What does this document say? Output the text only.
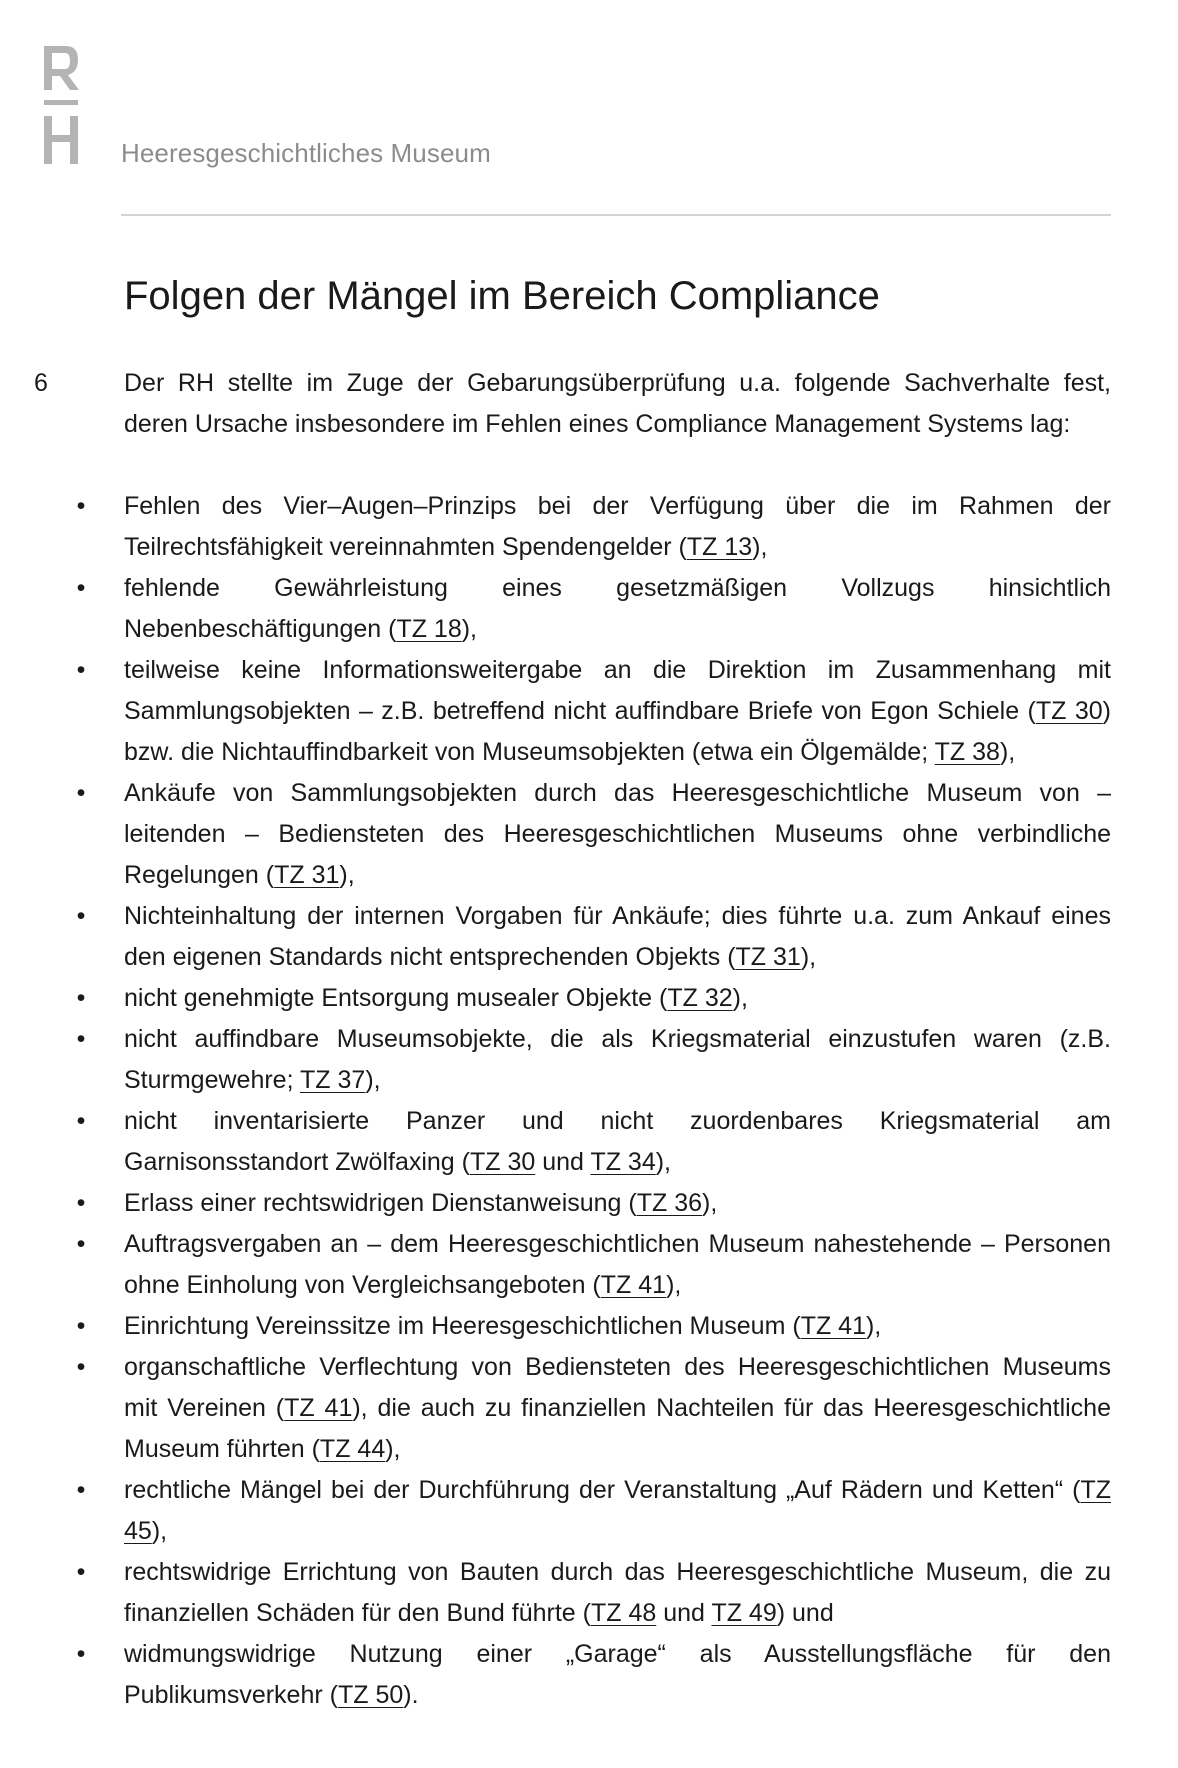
Heeresgeschichtliches Museum
Folgen der Mängel im Bereich Compliance
6	Der RH stellte im Zuge der Gebarungsüberprüfung u.a. folgende Sachverhalte fest, deren Ursache insbesondere im Fehlen eines Compliance Management Systems lag:

• Fehlen des Vier–Augen–Prinzips bei der Verfügung über die im Rahmen der Teilrechtsfähigkeit vereinnahmten Spendengelder (TZ 13),
• fehlende Gewährleistung eines gesetzmäßigen Vollzugs hinsichtlich Nebenbeschäftigungen (TZ 18),
• teilweise keine Informationsweitergabe an die Direktion im Zusammenhang mit Sammlungsobjekten – z.B. betreffend nicht auffindbare Briefe von Egon Schiele (TZ 30) bzw. die Nichtauffindbarkeit von Museumsobjekten (etwa ein Ölgemälde; TZ 38),
• Ankäufe von Sammlungsobjekten durch das Heeresgeschichtliche Museum von – leitenden – Bediensteten des Heeresgeschichtlichen Museums ohne verbindliche Regelungen (TZ 31),
• Nichteinhaltung der internen Vorgaben für Ankäufe; dies führte u.a. zum Ankauf eines den eigenen Standards nicht entsprechenden Objekts (TZ 31),
• nicht genehmigte Entsorgung musealer Objekte (TZ 32),
• nicht auffindbare Museumsobjekte, die als Kriegsmaterial einzustufen waren (z.B. Sturmgewehre; TZ 37),
• nicht inventarisierte Panzer und nicht zuordenbares Kriegsmaterial am Garnisonsstandort Zwölfaxing (TZ 30 und TZ 34),
• Erlass einer rechtswidrigen Dienstanweisung (TZ 36),
• Auftragsvergaben an – dem Heeresgeschichtlichen Museum nahestehende – Personen ohne Einholung von Vergleichsangeboten (TZ 41),
• Einrichtung Vereinssitze im Heeresgeschichtlichen Museum (TZ 41),
• organschaftliche Verflechtung von Bediensteten des Heeresgeschichtlichen Museums mit Vereinen (TZ 41), die auch zu finanziellen Nachteilen für das Heeresgeschichtliche Museum führten (TZ 44),
• rechtliche Mängel bei der Durchführung der Veranstaltung „Auf Rädern und Ketten“ (TZ 45),
• rechtswidrige Errichtung von Bauten durch das Heeresgeschichtliche Museum, die zu finanziellen Schäden für den Bund führte (TZ 48 und TZ 49) und
• widmungswidrige Nutzung einer „Garage“ als Ausstellungsfläche für den Publikumsverkehr (TZ 50).
